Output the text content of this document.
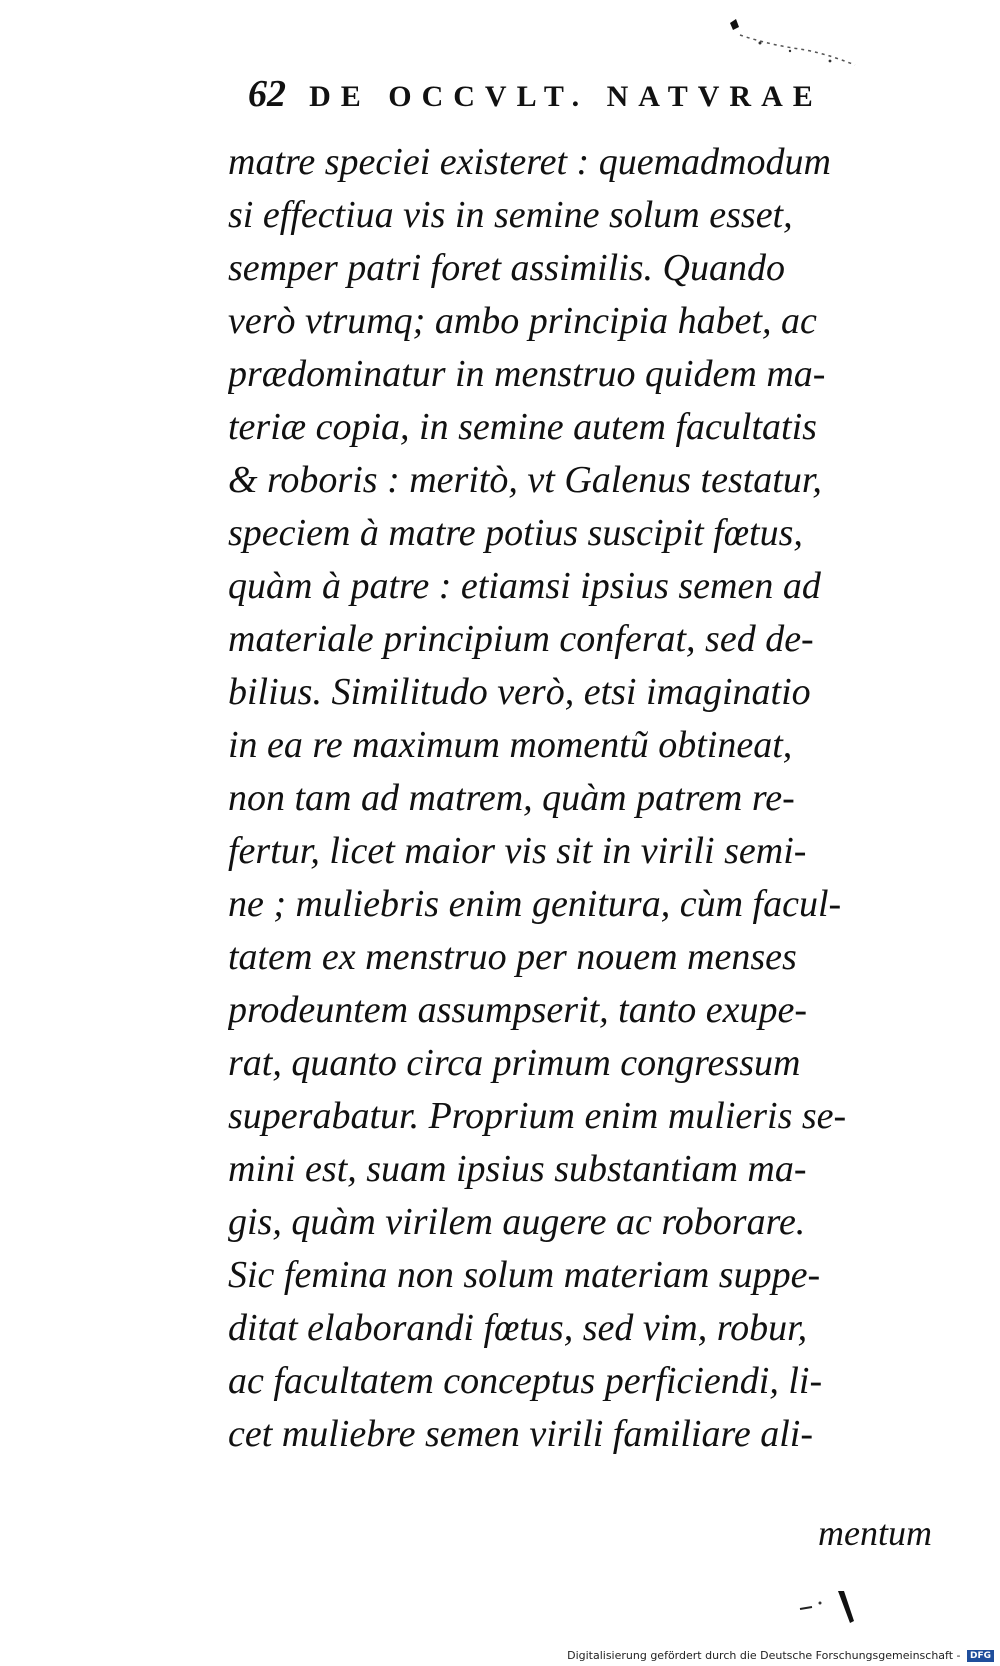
62 DE OCCVLT. NATVRAE
matre speciei existeret : quemadmodum
si effectiua vis in semine solum esset,
semper patri foret assimilis. Quando
verò vtrumq; ambo principia habet, ac
prædominatur in menstruo quidem ma-
teriæ copia, in semine autem facultatis
& roboris : meritò, vt Galenus testatur,
speciem à matre potius suscipit fœtus,
quàm à patre : etiamsi ipsius semen ad
materiale principium conferat, sed de-
bilius. Similitudo verò, etsi imaginatio
in ea re maximum momentũ obtineat,
non tam ad matrem, quàm patrem re-
fertur, licet maior vis sit in virili semi-
ne ; muliebris enim genitura, cùm facul-
tatem ex menstruo per nouem menses
prodeuntem assumpserit, tanto exupe-
rat, quanto circa primum congressum
superabatur. Proprium enim mulieris se-
mini est, suam ipsius substantiam ma-
gis, quàm virilem augere ac roborare.
Sic femina non solum materiam suppe-
ditat elaborandi fœtus, sed vim, robur,
ac facultatem conceptus perficiendi, li-
cet muliebre semen virili familiare ali-
mentum
Digitalisierung gefördert durch die Deutsche Forschungsgemeinschaft - DFG
